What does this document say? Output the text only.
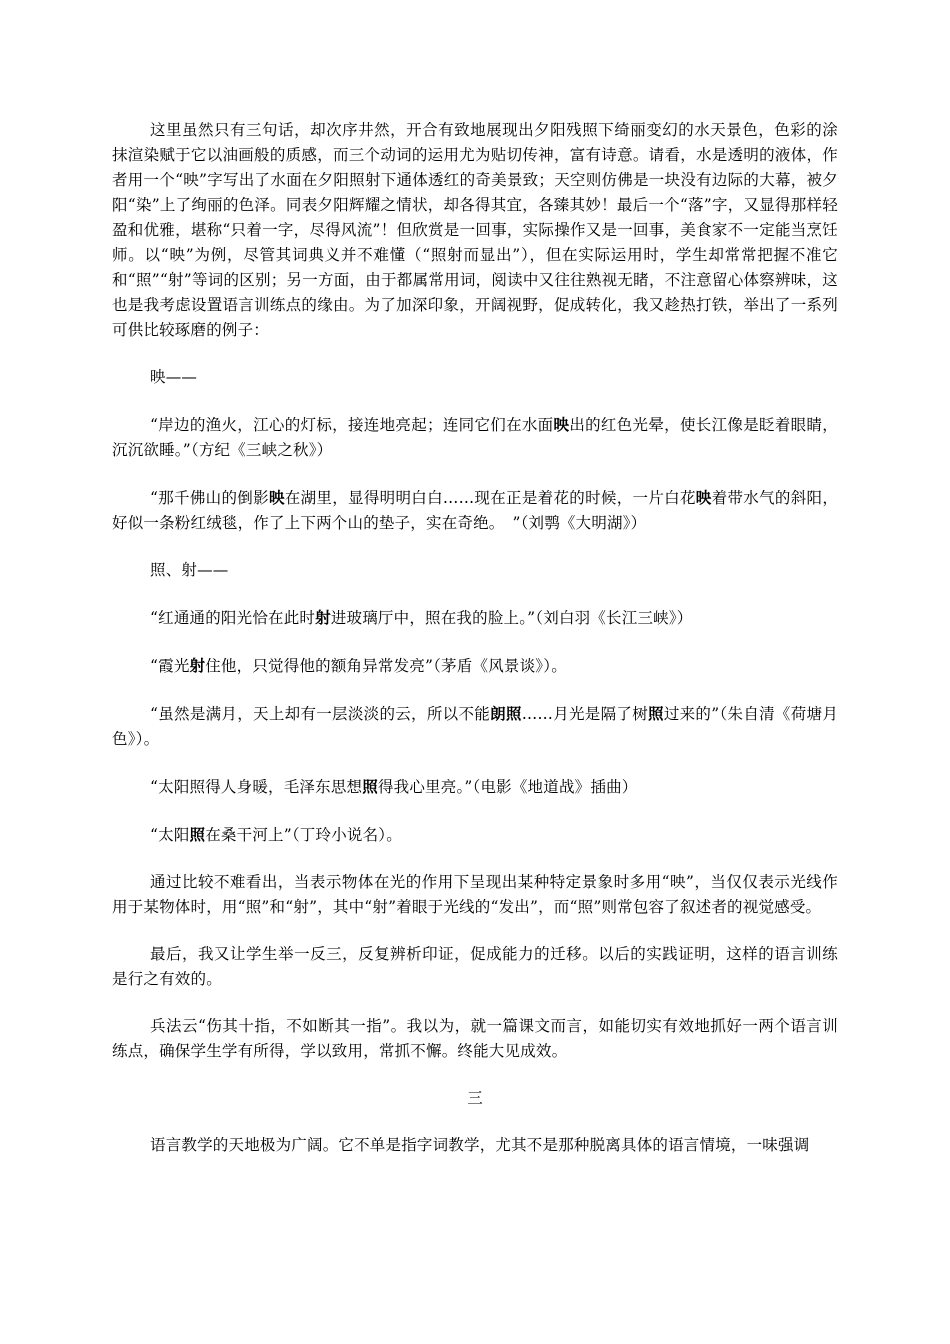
这里虽然只有三句话，却次序井然，开合有致地展现出夕阳残照下绮丽变幻的水天景色，色彩的涂抹渲染赋于它以油画般的质感，而三个动词的运用尤为贴切传神，富有诗意。请看，水是透明的液体，作者用一个“映”字写出了水面在夕阳照射下通体透红的奇美景致；天空则仿佛是一块没有边际的大幕，被夕阳“染”上了绚丽的色泽。同表夕阳辉耀之情状，却各得其宜，各臻其妙！最后一个“落”字，又显得那样轻盈和优雅，堪称“只着一字，尽得风流”！但欣赏是一回事，实际操作又是一回事，美食家不一定能当烹饪师。以“映”为例，尽管其词典义并不难懂（“照射而显出”），但在实际运用时，学生却常常把握不准它和“照”“射”等词的区别；另一方面，由于都属常用词，阅读中又往往熟视无睹，不注意留心体察辨味，这也是我考虑设置语言训练点的缘由。为了加深印象，开阔视野，促成转化，我又趁热打铁，举出了一系列可供比较琢磨的例子：

映——

“岸边的渔火，江心的灯标，接连地亮起；连同它们在水面映出的红色光晕，使长江像是眨着眼睛，沉沉欲睡。”（方纪《三峡之秋》）

“那千佛山的倒影映在湖里，显得明明白白……现在正是着花的时候，一片白花映着带水气的斜阳，好似一条粉红绒毯，作了上下两个山的垫子，实在奇绝。　”（刘鹗《大明湖》）

照、射——

“红通通的阳光恰在此时射进玻璃厅中，照在我的脸上。”（刘白羽《长江三峡》）

“霞光射住他，只觉得他的额角异常发亮”（茅盾《风景谈》）。

“虽然是满月，天上却有一层淡淡的云，所以不能朗照……月光是隔了树照过来的”（朱自清《荷塘月色》）。

“太阳照得人身暖，毛泽东思想照得我心里亮。”（电影《地道战》插曲）

“太阳照在桑干河上”（丁玲小说名）。

通过比较不难看出，当表示物体在光的作用下呈现出某种特定景象时多用“映”，当仅仅表示光线作用于某物体时，用“照”和“射”，其中“射”着眼于光线的“发出”，而“照”则常包容了叙述者的视觉感受。

最后，我又让学生举一反三，反复辨析印证，促成能力的迁移。以后的实践证明，这样的语言训练是行之有效的。

兵法云“伤其十指，不如断其一指”。我以为，就一篇课文而言，如能切实有效地抓好一两个语言训练点，确保学生学有所得，学以致用，常抓不懈。终能大见成效。

三

语言教学的天地极为广阔。它不单是指字词教学，尤其不是那种脱离具体的语言情境，一味强调
